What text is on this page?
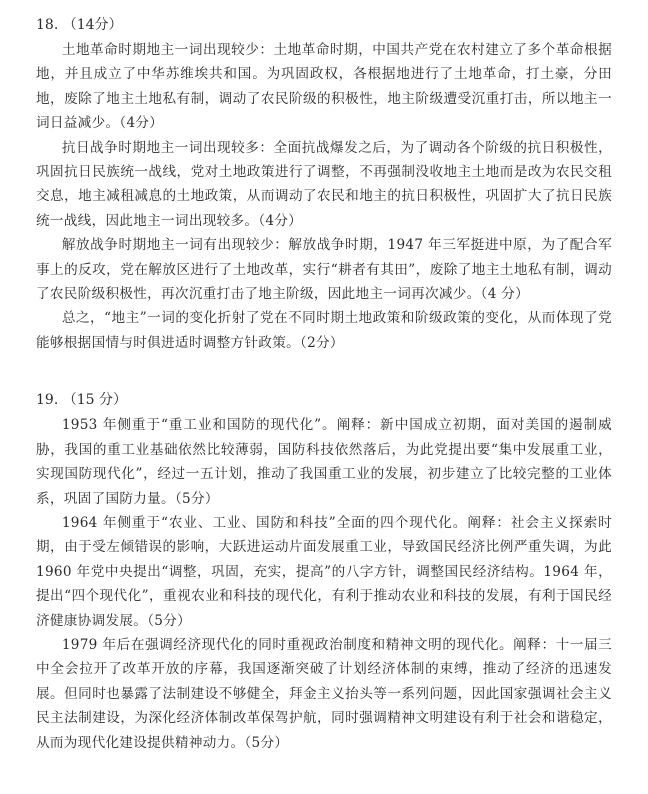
18. （14分）

土地革命时期地主一词出现较少：土地革命时期，中国共产党在农村建立了多个革命根据地，并且成立了中华苏维埃共和国。为巩固政权，各根据地进行了土地革命，打土豪，分田地，废除了地主土地私有制，调动了农民阶级的积极性，地主阶级遭受沉重打击，所以地主一词日益减少。（4分）

抗日战争时期地主一词出现较多：全面抗战爆发之后，为了调动各个阶级的抗日积极性，巩固抗日民族统一战线，党对土地政策进行了调整，不再强制没收地主土地而是改为农民交租交息，地主减租减息的土地政策，从而调动了农民和地主的抗日积极性，巩固扩大了抗日民族统一战线，因此地主一词出现较多。（4分）

解放战争时期地主一词有出现较少：解放战争时期，1947 年三军挺进中原，为了配合军事上的反攻，党在解放区进行了土地改革，实行“耕者有其田”，废除了地主土地私有制，调动了农民阶级积极性，再次沉重打击了地主阶级，因此地主一词再次减少。（4 分）

总之，“地主”一词的变化折射了党在不同时期土地政策和阶级政策的变化，从而体现了党能够根据国情与时俱进适时调整方针政策。（2分）

19. （15 分）

1953 年侧重于“重工业和国防的现代化”。阐释：新中国成立初期，面对美国的遏制威胁，我国的重工业基础依然比较薄弱，国防科技依然落后，为此党提出要“集中发展重工业，实现国防现代化”，经过一五计划，推动了我国重工业的发展，初步建立了比较完整的工业体系，巩固了国防力量。（5分）

1964 年侧重于“农业、工业、国防和科技”全面的四个现代化。阐释：社会主义探索时期，由于受左倾错误的影响，大跃进运动片面发展重工业，导致国民经济比例严重失调，为此 1960 年党中央提出“调整，巩固，充实，提高”的八字方针，调整国民经济结构。1964 年，提出“四个现代化”，重视农业和科技的现代化，有利于推动农业和科技的发展，有利于国民经济健康协调发展。（5分）

1979 年后在强调经济现代化的同时重视政治制度和精神文明的现代化。阐释：十一届三中全会拉开了改革开放的序幕，我国逐渐突破了计划经济体制的束缚，推动了经济的迅速发展。但同时也暴露了法制建设不够健全，拜金主义抬头等一系列问题，因此国家强调社会主义民主法制建设，为深化经济体制改革保驾护航，同时强调精神文明建设有利于社会和谐稳定，从而为现代化建设提供精神动力。（5分）
